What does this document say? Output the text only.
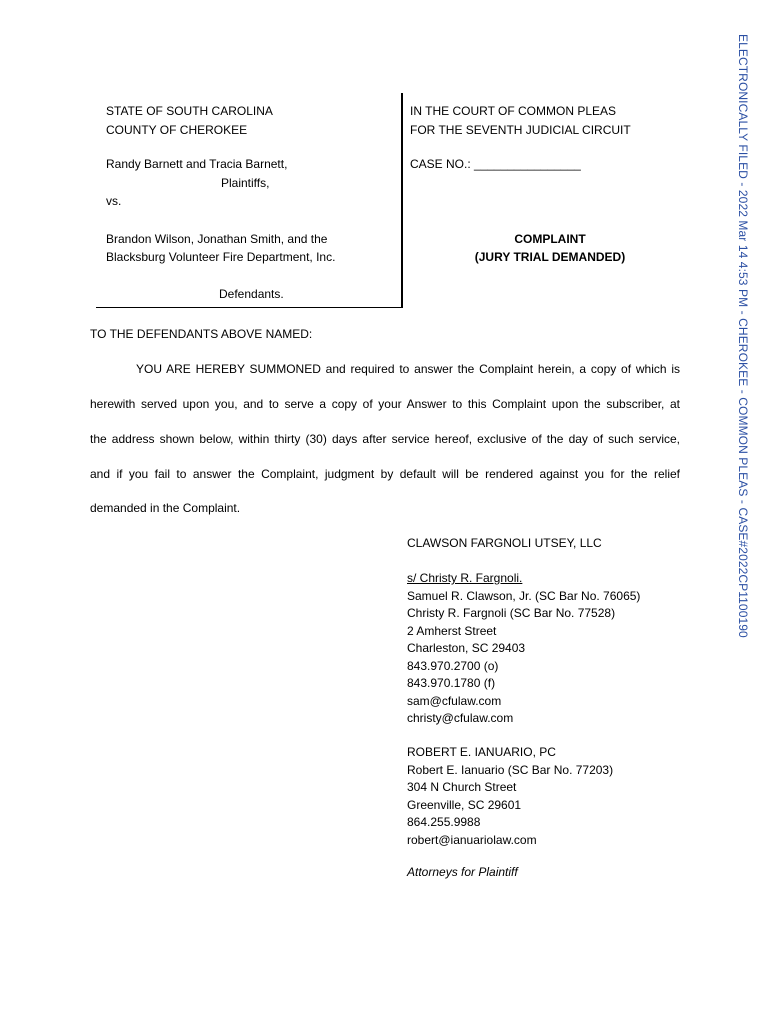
ELECTRONICALLY FILED - 2022 Mar 14 4:53 PM - CHEROKEE - COMMON PLEAS - CASE#2022CP1100190
STATE OF SOUTH CAROLINA
COUNTY OF CHEROKEE
Randy Barnett and Tracia Barnett,
Plaintiffs,
vs.
Brandon Wilson, Jonathan Smith, and the
Blacksburg Volunteer Fire Department, Inc.
Defendants.
IN THE COURT OF COMMON PLEAS
FOR THE SEVENTH JUDICIAL CIRCUIT
CASE NO.: ________________
COMPLAINT
(JURY TRIAL DEMANDED)
TO THE DEFENDANTS ABOVE NAMED:
YOU ARE HEREBY SUMMONED and required to answer the Complaint herein, a copy of which is
herewith served upon you, and to serve a copy of your Answer to this Complaint upon the subscriber, at
the address shown below, within thirty (30) days after service hereof, exclusive of the day of such service,
and if you fail to answer the Complaint, judgment by default will be rendered against you for the relief
demanded in the Complaint.
CLAWSON FARGNOLI UTSEY, LLC
s/ Christy R. Fargnoli.
Samuel R. Clawson, Jr. (SC Bar No. 76065)
Christy R. Fargnoli (SC Bar No. 77528)
2 Amherst Street
Charleston, SC 29403
843.970.2700 (o)
843.970.1780 (f)
sam@cfulaw.com
christy@cfulaw.com
ROBERT E. IANUARIO, PC
Robert E. Ianuario (SC Bar No. 77203)
304 N Church Street
Greenville, SC 29601
864.255.9988
robert@ianuariolaw.com
Attorneys for Plaintiff
